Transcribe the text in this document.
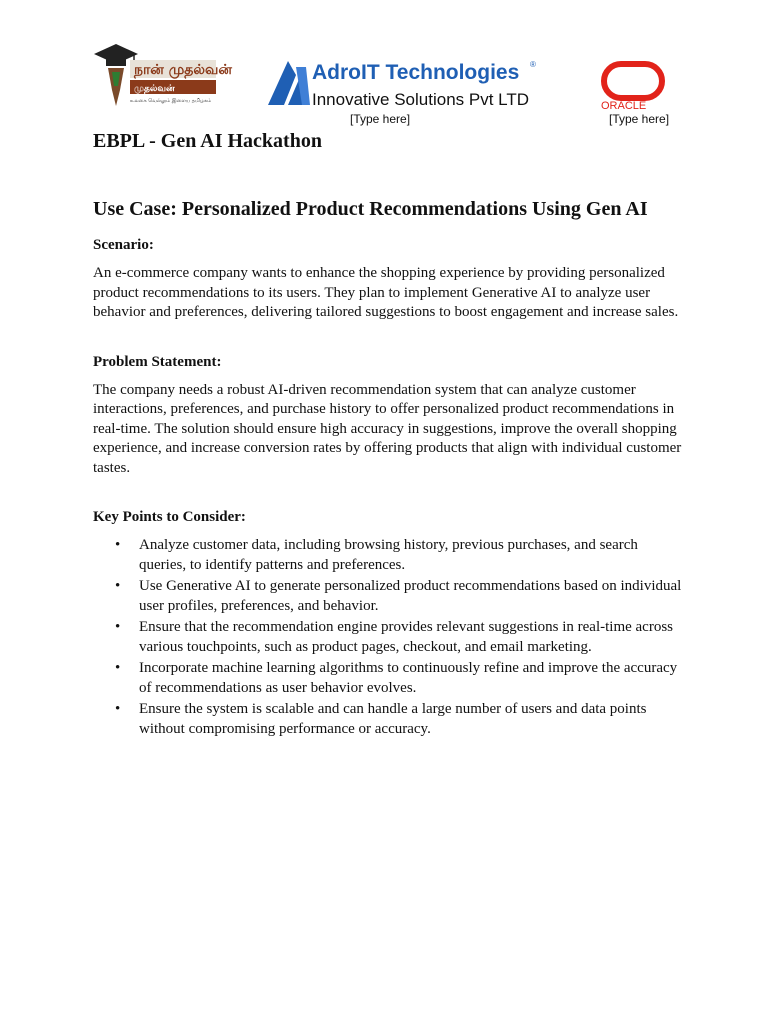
நான் முதல்வன்
முதல்வன்
உலகை வெல்லும் இளைய தமிழகம்
AdroIT Technologies ®
Innovative Solutions Pvt LTD	ORACLE
[Type here]	[Type here]
EBPL - Gen AI Hackathon
Use Case: Personalized Product Recommendations Using Gen AI
Scenario:
An e-commerce company wants to enhance the shopping experience by providing personalized product recommendations to its users. They plan to implement Generative AI to analyze user behavior and preferences, delivering tailored suggestions to boost engagement and increase sales.
Problem Statement:
The company needs a robust AI-driven recommendation system that can analyze customer interactions, preferences, and purchase history to offer personalized product recommendations in real-time. The solution should ensure high accuracy in suggestions, improve the overall shopping experience, and increase conversion rates by offering products that align with individual customer tastes.
Key Points to Consider:
• Analyze customer data, including browsing history, previous purchases, and search queries, to identify patterns and preferences.
• Use Generative AI to generate personalized product recommendations based on individual user profiles, preferences, and behavior.
• Ensure that the recommendation engine provides relevant suggestions in real-time across various touchpoints, such as product pages, checkout, and email marketing.
• Incorporate machine learning algorithms to continuously refine and improve the accuracy of recommendations as user behavior evolves.
• Ensure the system is scalable and can handle a large number of users and data points without compromising performance or accuracy.
